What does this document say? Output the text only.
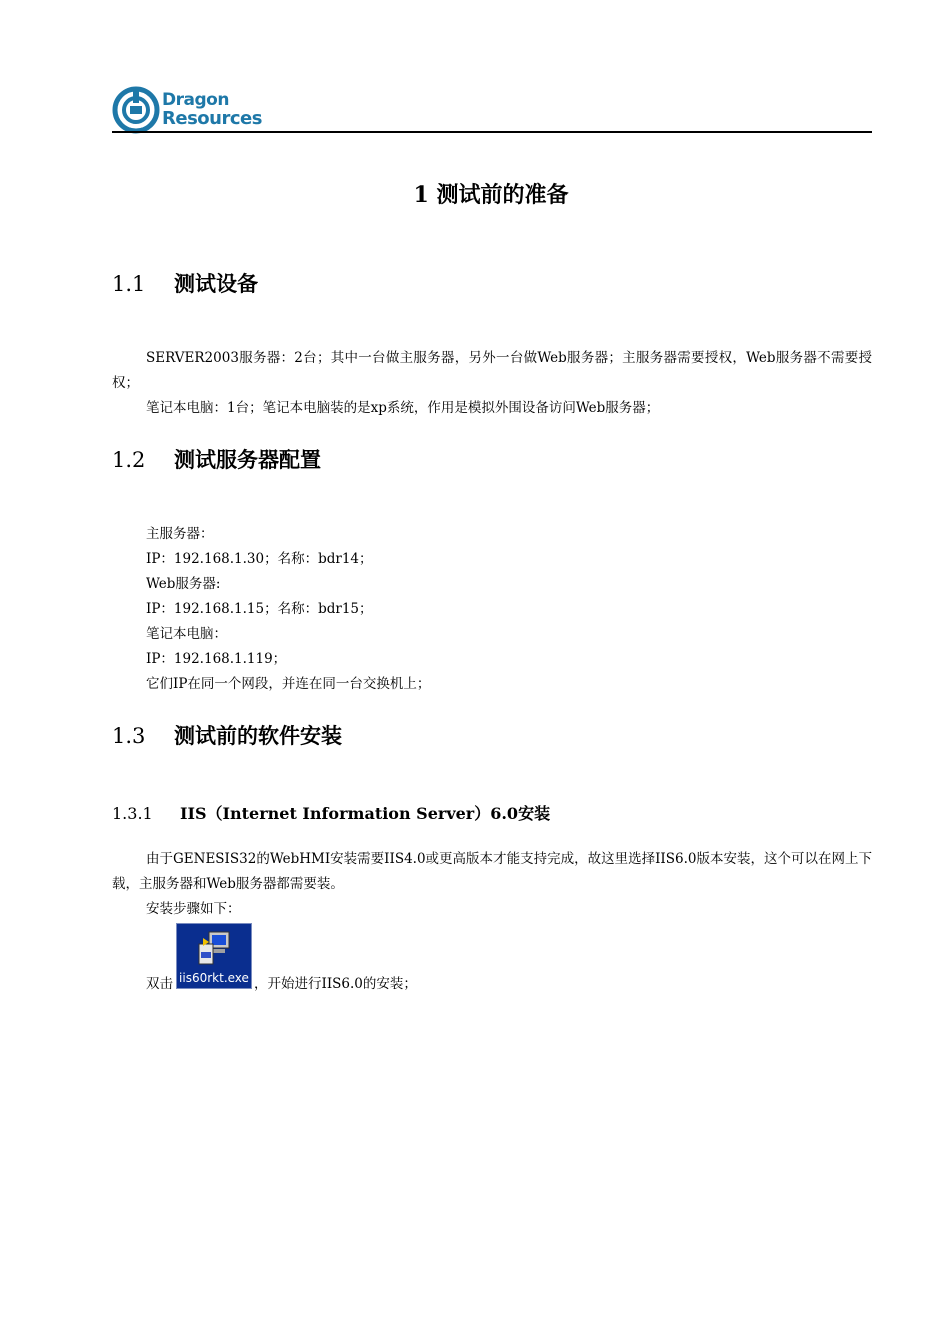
Dragon
Resources
1 测试前的准备
1.1 测试设备
SERVER2003服务器：2台；其中一台做主服务器，另外一台做Web服务器；主服务器需要授权，Web服务器不需要授权；
笔记本电脑：1台；笔记本电脑装的是xp系统，作用是模拟外围设备访问Web服务器；
1.2 测试服务器配置
主服务器：
IP：192.168.1.30；名称：bdr14；
Web服务器:
IP：192.168.1.15；名称：bdr15；
笔记本电脑：
IP：192.168.1.119；
它们IP在同一个网段，并连在同一台交换机上；
1.3 测试前的软件安装
1.3.1 IIS（Internet Information Server）6.0安装
由于GENESIS32的WebHMI安装需要IIS4.0或更高版本才能支持完成，故这里选择IIS6.0版本安装，这个可以在网上下载，主服务器和Web服务器都需要装。
安装步骤如下：
双击 iis60rkt.exe ，开始进行IIS6.0的安装；
